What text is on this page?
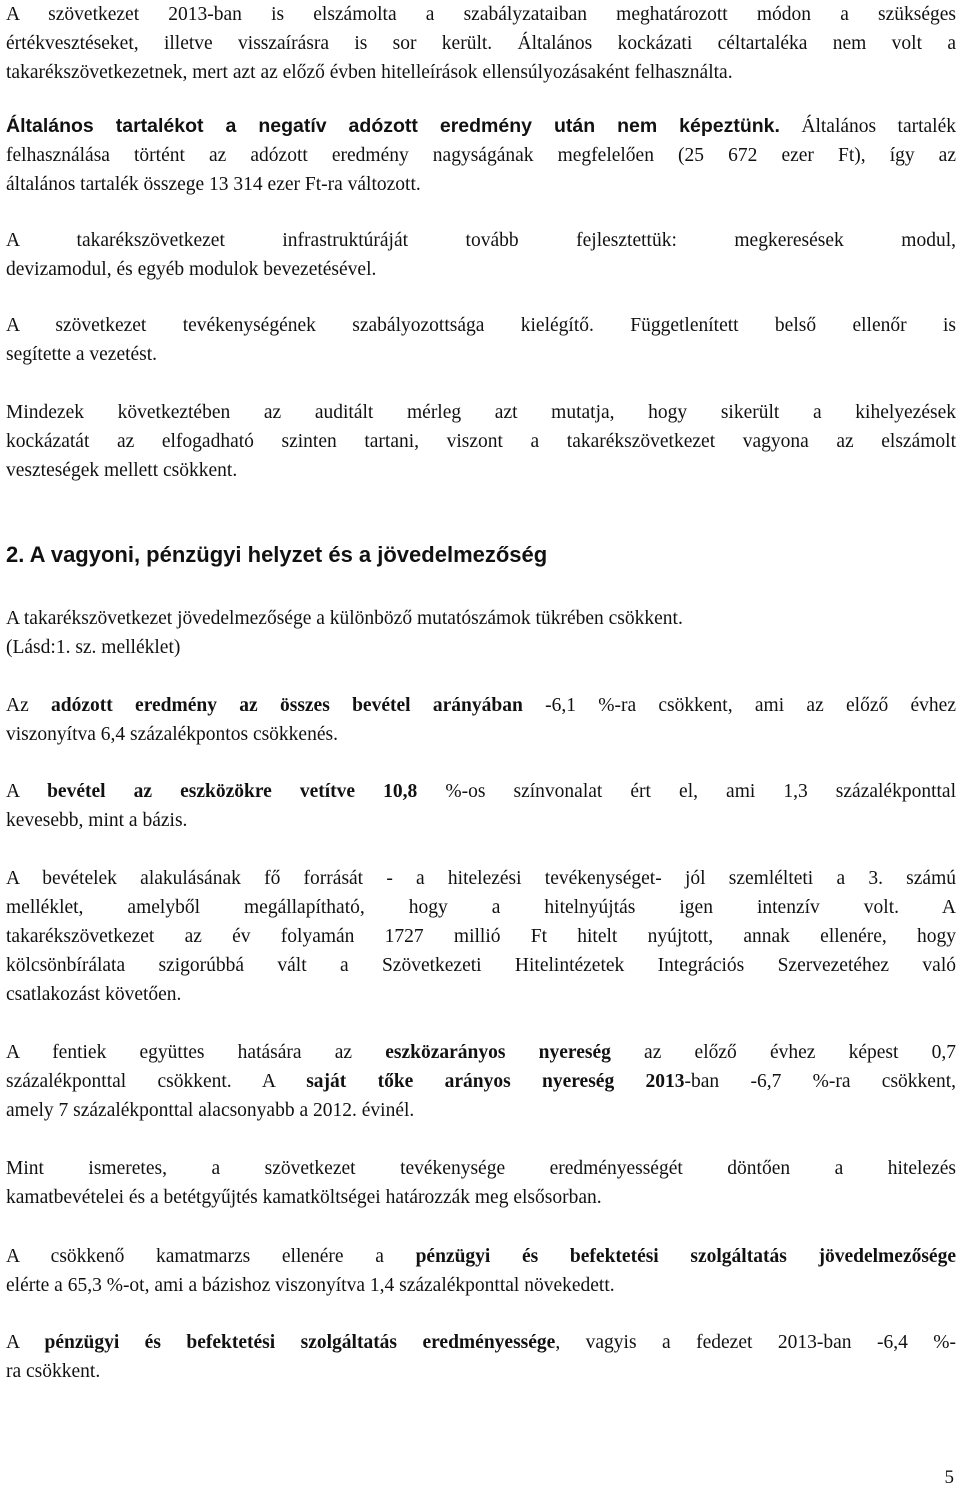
A szövetkezet 2013-ban is elszámolta a szabályzataiban meghatározott módon a szükséges
értékvesztéseket, illetve visszaírásra is sor került. Általános kockázati céltartaléka nem volt a
takarékszövetkezetnek, mert azt az előző évben hitelleírások ellensúlyozásaként felhasználta.
Általános tartalékot a negatív adózott eredmény után nem képeztünk. Általános tartalék
felhasználása történt az adózott eredmény nagyságának megfelelően (25 672 ezer Ft), így az
általános tartalék összege 13 314 ezer Ft-ra változott.
A takarékszövetkezet infrastruktúráját tovább fejlesztettük: megkeresések modul,
devizamodul, és egyéb modulok bevezetésével.
A szövetkezet tevékenységének szabályozottsága kielégítő. Függetlenített belső ellenőr is
segítette a vezetést.
Mindezek következtében az auditált mérleg azt mutatja, hogy sikerült a kihelyezések
kockázatát az elfogadható szinten tartani, viszont a takarékszövetkezet vagyona az elszámolt
veszteségek mellett csökkent.
2. A vagyoni, pénzügyi helyzet és a jövedelmezőség
A takarékszövetkezet jövedelmezősége a különböző mutatószámok tükrében csökkent.
(Lásd:1. sz. melléklet)
Az adózott eredmény az összes bevétel arányában -6,1 %-ra csökkent, ami az előző évhez
viszonyítva 6,4 százalékpontos csökkenés.
A bevétel az eszközökre vetítve 10,8 %-os színvonalat ért el, ami 1,3 százalékponttal
kevesebb, mint a bázis.
A bevételek alakulásának fő forrását - a hitelezési tevékenységet- jól szemlélteti a 3. számú
melléklet, amelyből megállapítható, hogy a hitelnyújtás igen intenzív volt. A
takarékszövetkezet az év folyamán 1727 millió Ft hitelt nyújtott, annak ellenére, hogy
kölcsönbírálata szigorúbbá vált a Szövetkezeti Hitelintézetek Integrációs Szervezetéhez való
csatlakozást követően.
A fentiek együttes hatására az eszközarányos nyereség az előző évhez képest 0,7
százalékponttal csökkent. A saját tőke arányos nyereség 2013-ban -6,7 %-ra csökkent,
amely 7 százalékponttal alacsonyabb a 2012. évinél.
Mint ismeretes, a szövetkezet tevékenysége eredményességét döntően a hitelezés
kamatbevételei és a betétgyűjtés kamatköltségei határozzák meg elsősorban.
A csökkenő kamatmarzs ellenére a pénzügyi és befektetési szolgáltatás jövedelmezősége
elérte a 65,3 %-ot, ami a bázishoz viszonyítva 1,4 százalékponttal növekedett.
A pénzügyi és befektetési szolgáltatás eredményessége, vagyis a fedezet 2013-ban -6,4 %-
ra csökkent.
5
